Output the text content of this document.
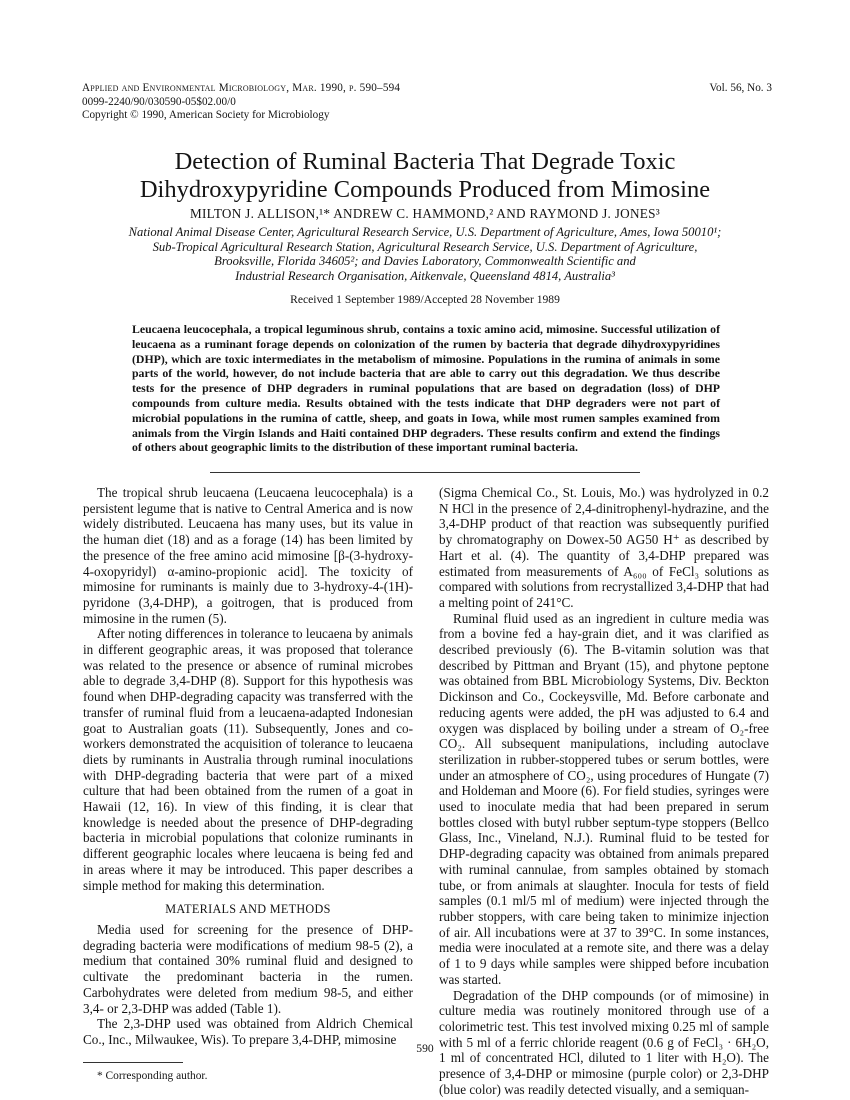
Applied and Environmental Microbiology, Mar. 1990, p. 590–594
0099-2240/90/030590-05$02.00/0
Copyright © 1990, American Society for Microbiology
Vol. 56, No. 3
Detection of Ruminal Bacteria That Degrade Toxic
Dihydroxypyridine Compounds Produced from Mimosine
MILTON J. ALLISON,¹* ANDREW C. HAMMOND,² AND RAYMOND J. JONES³
National Animal Disease Center, Agricultural Research Service, U.S. Department of Agriculture, Ames, Iowa 50010¹;
Sub-Tropical Agricultural Research Station, Agricultural Research Service, U.S. Department of Agriculture,
Brooksville, Florida 34605²; and Davies Laboratory, Commonwealth Scientific and
Industrial Research Organisation, Aitkenvale, Queensland 4814, Australia³
Received 1 September 1989/Accepted 28 November 1989
Leucaena leucocephala, a tropical leguminous shrub, contains a toxic amino acid, mimosine. Successful utilization of leucaena as a ruminant forage depends on colonization of the rumen by bacteria that degrade dihydroxypyridines (DHP), which are toxic intermediates in the metabolism of mimosine. Populations in the rumina of animals in some parts of the world, however, do not include bacteria that are able to carry out this degradation. We thus describe tests for the presence of DHP degraders in ruminal populations that are based on degradation (loss) of DHP compounds from culture media. Results obtained with the tests indicate that DHP degraders were not part of microbial populations in the rumina of cattle, sheep, and goats in Iowa, while most rumen samples examined from animals from the Virgin Islands and Haiti contained DHP degraders. These results confirm and extend the findings of others about geographic limits to the distribution of these important ruminal bacteria.

The tropical shrub leucaena (Leucaena leucocephala) is a persistent legume that is native to Central America and is now widely distributed. Leucaena has many uses, but its value in the human diet (18) and as a forage (14) has been limited by the presence of the free amino acid mimosine [β-(3-hydroxy-4-oxopyridyl) α-amino-propionic acid]. The toxicity of mimosine for ruminants is mainly due to 3-hydroxy-4-(1H)-pyridone (3,4-DHP), a goitrogen, that is produced from mimosine in the rumen (5).

After noting differences in tolerance to leucaena by animals in different geographic areas, it was proposed that tolerance was related to the presence or absence of ruminal microbes able to degrade 3,4-DHP (8). Support for this hypothesis was found when DHP-degrading capacity was transferred with the transfer of ruminal fluid from a leucaena-adapted Indonesian goat to Australian goats (11). Subsequently, Jones and co-workers demonstrated the acquisition of tolerance to leucaena diets by ruminants in Australia through ruminal inoculations with DHP-degrading bacteria that were part of a mixed culture that had been obtained from the rumen of a goat in Hawaii (12, 16). In view of this finding, it is clear that knowledge is needed about the presence of DHP-degrading bacteria in microbial populations that colonize ruminants in different geographic locales where leucaena is being fed and in areas where it may be introduced. This paper describes a simple method for making this determination.

MATERIALS AND METHODS

Media used for screening for the presence of DHP-degrading bacteria were modifications of medium 98-5 (2), a medium that contained 30% ruminal fluid and designed to cultivate the predominant bacteria in the rumen. Carbohydrates were deleted from medium 98-5, and either 3,4- or 2,3-DHP was added (Table 1).

The 2,3-DHP used was obtained from Aldrich Chemical Co., Inc., Milwaukee, Wis). To prepare 3,4-DHP, mimosine

* Corresponding author.

(Sigma Chemical Co., St. Louis, Mo.) was hydrolyzed in 0.2 N HCl in the presence of 2,4-dinitrophenyl-hydrazine, and the 3,4-DHP product of that reaction was subsequently purified by chromatography on Dowex-50 AG50 H⁺ as described by Hart et al. (4). The quantity of 3,4-DHP prepared was estimated from measurements of A₆₀₀ of FeCl₃ solutions as compared with solutions from recrystallized 3,4-DHP that had a melting point of 241°C.

Ruminal fluid used as an ingredient in culture media was from a bovine fed a hay-grain diet, and it was clarified as described previously (6). The B-vitamin solution was that described by Pittman and Bryant (15), and phytone peptone was obtained from BBL Microbiology Systems, Div. Beckton Dickinson and Co., Cockeysville, Md. Before carbonate and reducing agents were added, the pH was adjusted to 6.4 and oxygen was displaced by boiling under a stream of O₂-free CO₂. All subsequent manipulations, including autoclave sterilization in rubber-stoppered tubes or serum bottles, were under an atmosphere of CO₂, using procedures of Hungate (7) and Holdeman and Moore (6). For field studies, syringes were used to inoculate media that had been prepared in serum bottles closed with butyl rubber septum-type stoppers (Bellco Glass, Inc., Vineland, N.J.). Ruminal fluid to be tested for DHP-degrading capacity was obtained from animals prepared with ruminal cannulae, from samples obtained by stomach tube, or from animals at slaughter. Inocula for tests of field samples (0.1 ml/5 ml of medium) were injected through the rubber stoppers, with care being taken to minimize injection of air. All incubations were at 37 to 39°C. In some instances, media were inoculated at a remote site, and there was a delay of 1 to 9 days while samples were shipped before incubation was started.

Degradation of the DHP compounds (or of mimosine) in culture media was routinely monitored through use of a colorimetric test. This test involved mixing 0.25 ml of sample with 5 ml of a ferric chloride reagent (0.6 g of FeCl₃ · 6H₂O, 1 ml of concentrated HCl, diluted to 1 liter with H₂O). The presence of 3,4-DHP or mimosine (purple color) or 2,3-DHP (blue color) was readily detected visually, and a semiquan-

590
